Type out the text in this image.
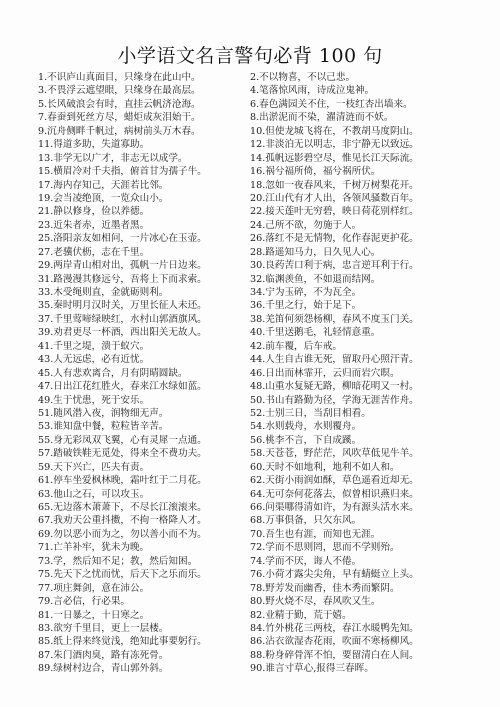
小学语文名言警句必背 100 句
1.不识庐山真面目，只缘身在此山中。
3.不畏浮云遮望眼，只缘身在最高层。
5.长风破浪会有时，直挂云帆济沧海。
7.春蚕到死丝方尽，蜡炬成灰泪始干。
9.沉舟侧畔千帆过，病树前头万木春。
11.得道多助，失道寡助。
13.非学无以广才，非志无以成学。
15.横眉冷对千夫指，俯首甘为孺子牛。
17.海内存知己，天涯若比邻。
19.会当凌绝顶，一览众山小。
21.静以修身，俭以养德。
23.近朱者赤，近墨者黑。
25.洛阳亲友如相问，一片冰心在玉壶。
27.老骥伏枥，志在千里。
29.两岸青山相对出，孤帆一片日边来。
31.路漫漫其修远兮，吾将上下而求索。
33.木受绳则直，金就砺则利。
35.秦时明月汉时关，万里长征人未还。
37.千里莺啼绿映红，水村山郭酒旗风。
39.劝君更尽一杯酒，西出阳关无故人。
41.千里之堤，溃于蚁穴。
43.人无远虑，必有近忧。
45.人有悲欢离合，月有阴晴圆缺。
47.日出江花红胜火，春来江水绿如蓝。
49.生于忧患，死于安乐。
51.随风潜入夜，润物细无声。
53.谁知盘中餐，粒粒皆辛苦。
55.身无彩凤双飞翼，心有灵犀一点通。
57.踏破铁鞋无觅处，得来全不费功夫。
59.天下兴亡，匹夫有责。
61.停车坐爱枫林晚，霜叶红于二月花。
63.他山之石，可以攻玉。
65.无边落木萧萧下，不尽长江滚滚来。
67.我劝天公重抖擞，不拘一格降人才。
69.勿以恶小而为之，勿以善小而不为。
71.亡羊补牢，犹未为晚。
73.学，然后知不足；教，然后知困。
75.先天下之忧而忧，后天下之乐而乐。
77.项庄舞剑，意在沛公。
79.言必信，行必果。
81.一日暴之，十日寒之。
83.欲穷千里目，更上一层楼。
85.纸上得来终觉浅，绝知此事要躬行。
87.朱门酒肉臭，路有冻死骨。
89.绿树村边合，青山郭外斜。
2.不以物喜，不以己悲。
4.笔落惊风雨，诗成泣鬼神。
6.春色满园关不住，一枝红杏出墙来。
8.出淤泥而不染，濯清涟而不妖。
10.但使龙城飞将在，不教胡马度阴山。
12.非淡泊无以明志，非宁静无以致远。
14.孤帆远影碧空尽，惟见长江天际流。
16.祸兮福所倚，福兮祸所伏。
18.忽如一夜春风来，千树万树梨花开。
20.江山代有才人出，各领风骚数百年。
22.接天莲叶无穷碧，映日荷花别样红。
24.己所不欲，勿施于人。
26.落红不是无情物，化作春泥更护花。
28.路遥知马力，日久见人心。
30.良药苦口利于病，忠言逆耳利于行。
32.临渊羡鱼，不如退而结网。
34.宁为玉碎，不为瓦全。
36.千里之行，始于足下。
38.羌笛何须怨杨柳，春风不度玉门关。
40.千里送鹅毛，礼轻情意重。
42.前车覆，后车戒。
44.人生自古谁无死，留取丹心照汗青。
46.日出而林霏开，云归而岩穴暝。
48.山重水复疑无路，柳暗花明又一村。
50.书山有路勤为径，学海无涯苦作舟。
52.士别三日，当刮目相看。
54.水则载舟，水则覆舟。
56.桃李不言，下自成蹊。
58.天苍苍，野茫茫，风吹草低见牛羊。
60.天时不如地利，地利不如人和。
62.天街小雨润如酥，草色遥看近却无。
64.无可奈何花落去，似曾相识燕归来。
66.问渠哪得清如许，为有源头活水来。
68.万事俱备，只欠东风。
70.吾生也有涯，而知也无涯。
72.学而不思则罔，思而不学则殆。
74.学而不厌，诲人不倦。
76.小荷才露尖尖角，早有蜻蜓立上头。
78.野芳发而幽香，佳木秀而繁阴。
80.野火烧不尽，春风吹又生。
82.业精于勤，荒于嬉。
84.竹外桃花三两枝，春江水暖鸭先知。
86.沾衣欲湿杏花雨，吹面不寒杨柳风。
88.粉身碎骨浑不怕，要留清白在人间。
90.谁言寸草心,报得三春晖。
